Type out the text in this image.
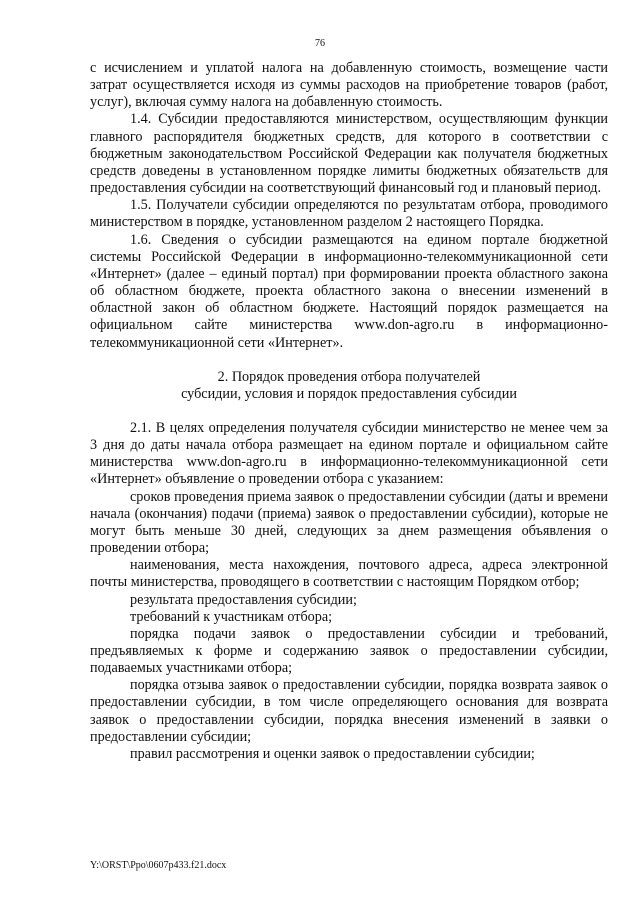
76

с исчислением и уплатой налога на добавленную стоимость, возмещение части затрат осуществляется исходя из суммы расходов на приобретение товаров (работ, услуг), включая сумму налога на добавленную стоимость.

1.4. Субсидии предоставляются министерством, осуществляющим функции главного распорядителя бюджетных средств, для которого в соответствии с бюджетным законодательством Российской Федерации как получателя бюджетных средств доведены в установленном порядке лимиты бюджетных обязательств для предоставления субсидии на соответствующий финансовый год и плановый период.

1.5. Получатели субсидии определяются по результатам отбора, проводимого министерством в порядке, установленном разделом 2 настоящего Порядка.

1.6. Сведения о субсидии размещаются на едином портале бюджетной системы Российской Федерации в информационно-телекоммуникационной сети «Интернет» (далее – единый портал) при формировании проекта областного закона об областном бюджете, проекта областного закона о внесении изменений в областной закон об областном бюджете. Настоящий порядок размещается на официальном сайте министерства www.don-agro.ru в информационно-телекоммуникационной сети «Интернет».

2. Порядок проведения отбора получателей

субсидии, условия и порядок предоставления субсидии

2.1. В целях определения получателя субсидии министерство не менее чем за 3 дня до даты начала отбора размещает на едином портале и официальном сайте министерства www.don-agro.ru в информационно-телекоммуникационной сети «Интернет» объявление о проведении отбора с указанием:

сроков проведения приема заявок о предоставлении субсидии (даты и времени начала (окончания) подачи (приема) заявок о предоставлении субсидии), которые не могут быть меньше 30 дней, следующих за днем размещения объявления о проведении отбора;

наименования, места нахождения, почтового адреса, адреса электронной почты министерства, проводящего в соответствии с настоящим Порядком отбор;

результата предоставления субсидии;

требований к участникам отбора;

порядка подачи заявок о предоставлении субсидии и требований, предъявляемых к форме и содержанию заявок о предоставлении субсидии, подаваемых участниками отбора;

порядка отзыва заявок о предоставлении субсидии, порядка возврата заявок о предоставлении субсидии, в том числе определяющего основания для возврата заявок о предоставлении субсидии, порядка внесения изменений в заявки о предоставлении субсидии;

правил рассмотрения и оценки заявок о предоставлении субсидии;

Y:\ORST\Ppo\0607p433.f21.docx
